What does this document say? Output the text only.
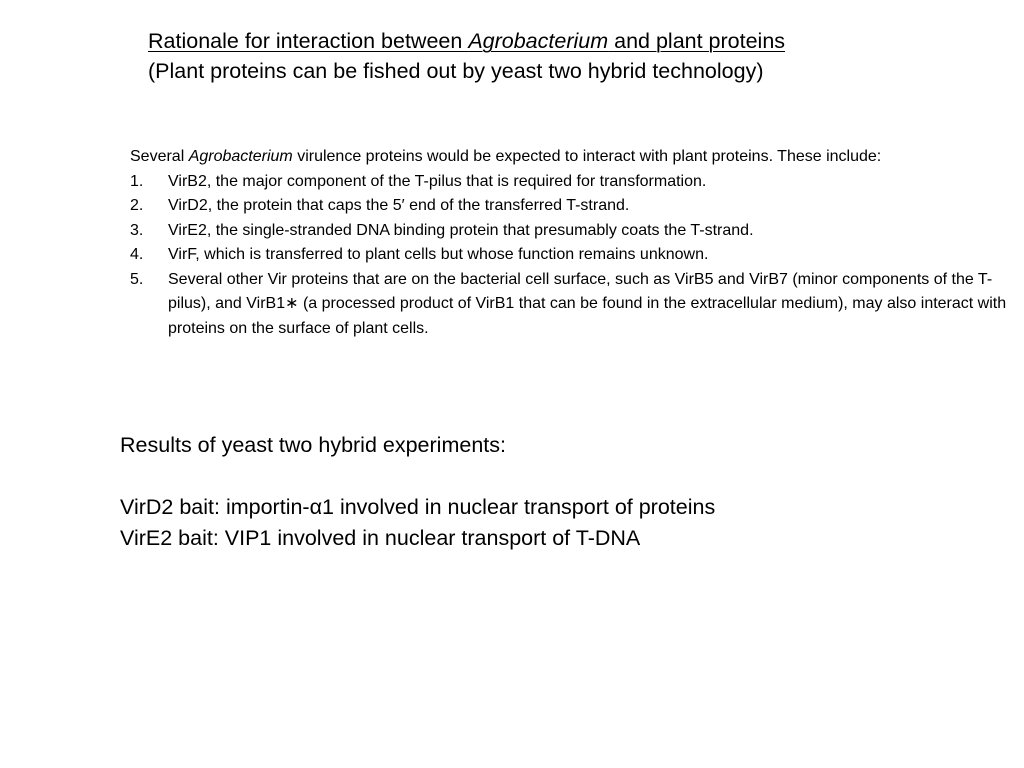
Rationale for interaction between Agrobacterium and plant proteins
(Plant proteins can be fished out by yeast two hybrid technology)

Several Agrobacterium virulence proteins would be expected to interact with plant proteins. These include:

1. VirB2, the major component of the T-pilus that is required for transformation.
2. VirD2, the protein that caps the 5′ end of the transferred T-strand.
3. VirE2, the single-stranded DNA binding protein that presumably coats the T-strand.
4. VirF, which is transferred to plant cells but whose function remains unknown.
5. Several other Vir proteins that are on the bacterial cell surface, such as VirB5 and VirB7 (minor components of the T-pilus), and VirB1∗ (a processed product of VirB1 that can be found in the extracellular medium), may also interact with proteins on the surface of plant cells.

Results of yeast two hybrid experiments:

VirD2 bait: importin-α1 involved in nuclear transport of proteins

VirE2 bait: VIP1 involved in nuclear transport of T-DNA
